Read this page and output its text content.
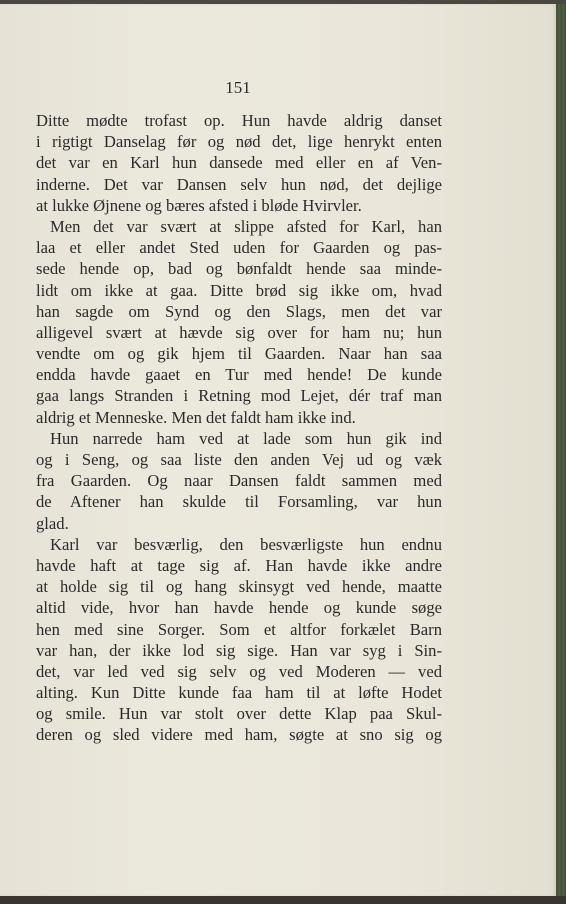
151
Ditte mødte trofast op. Hun havde aldrig danset
i rigtigt Danselag før og nød det, lige henrykt enten
det var en Karl hun dansede med eller en af Ven-
inderne. Det var Dansen selv hun nød, det dejlige
at lukke Øjnene og bæres afsted i bløde Hvirvler.
Men det var svært at slippe afsted for Karl, han
laa et eller andet Sted uden for Gaarden og pas-
sede hende op, bad og bønfaldt hende saa minde-
lidt om ikke at gaa. Ditte brød sig ikke om, hvad
han sagde om Synd og den Slags, men det var
alligevel svært at hævde sig over for ham nu; hun
vendte om og gik hjem til Gaarden. Naar han saa
endda havde gaaet en Tur med hende! De kunde
gaa langs Stranden i Retning mod Lejet, dér traf man
aldrig et Menneske. Men det faldt ham ikke ind.
Hun narrede ham ved at lade som hun gik ind
og i Seng, og saa liste den anden Vej ud og væk
fra Gaarden. Og naar Dansen faldt sammen med
de Aftener han skulde til Forsamling, var hun
glad.
Karl var besværlig, den besværligste hun endnu
havde haft at tage sig af. Han havde ikke andre
at holde sig til og hang skinsygt ved hende, maatte
altid vide, hvor han havde hende og kunde søge
hen med sine Sorger. Som et altfor forkælet Barn
var han, der ikke lod sig sige. Han var syg i Sin-
det, var led ved sig selv og ved Moderen — ved
alting. Kun Ditte kunde faa ham til at løfte Hodet
og smile. Hun var stolt over dette Klap paa Skul-
deren og sled videre med ham, søgte at sno sig og
